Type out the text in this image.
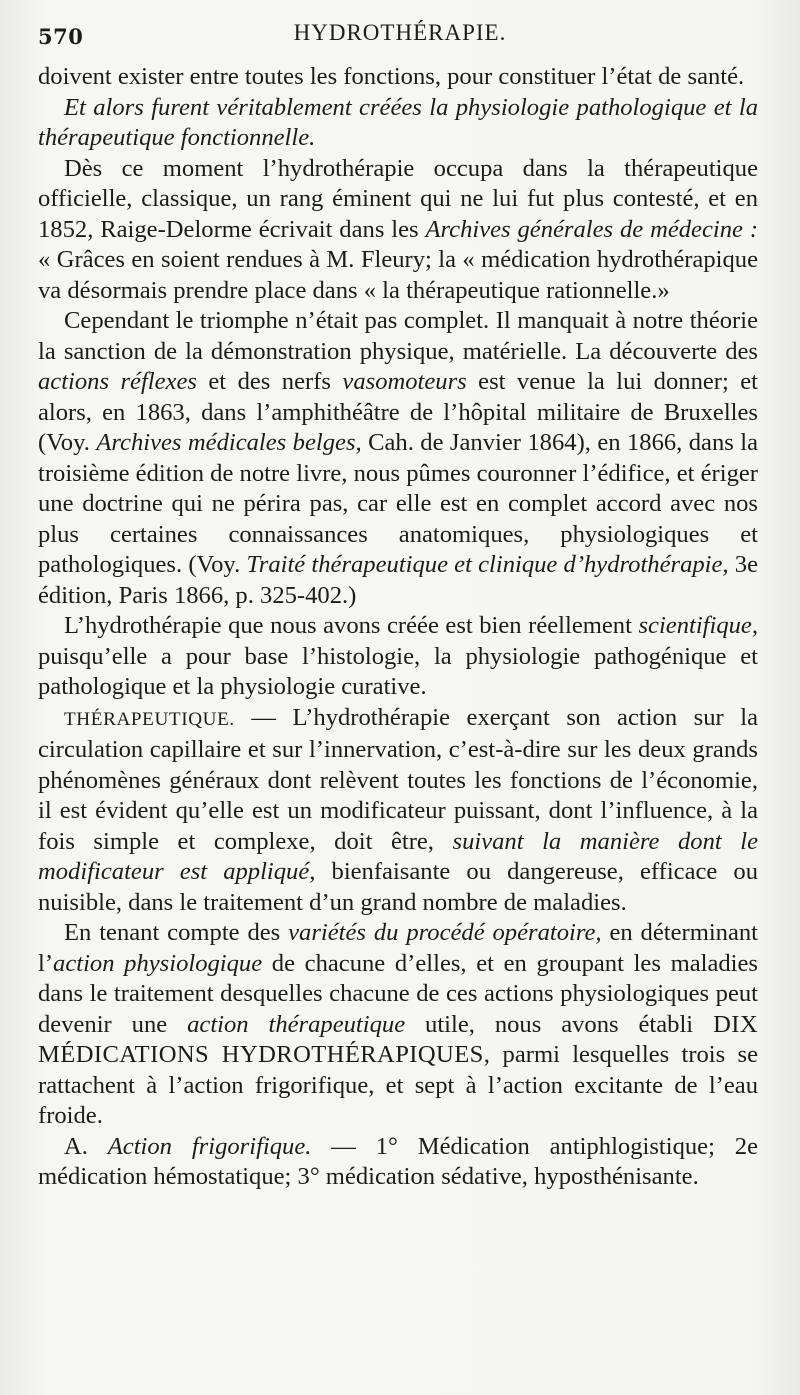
570	HYDROTHÉRAPIE.

doivent exister entre toutes les fonctions, pour constituer l’état de santé.

Et alors furent véritablement créées la physiologie pathologique et la thérapeutique fonctionnelle.

Dès ce moment l’hydrothérapie occupa dans la thérapeutique officielle, classique, un rang éminent qui ne lui fut plus contesté, et en 1852, Raige-Delorme écrivait dans les Archives générales de médecine : « Grâces en soient rendues à M. Fleury; la « médication hydrothérapique va désormais prendre place dans « la thérapeutique rationnelle.»

Cependant le triomphe n’était pas complet. Il manquait à notre théorie la sanction de la démonstration physique, matérielle. La découverte des actions réflexes et des nerfs vasomoteurs est venue la lui donner; et alors, en 1863, dans l’amphithéâtre de l’hôpital militaire de Bruxelles (Voy. Archives médicales belges, Cah. de Janvier 1864), en 1866, dans la troisième édition de notre livre, nous pûmes couronner l’édifice, et ériger une doctrine qui ne périra pas, car elle est en complet accord avec nos plus certaines connaissances anatomiques, physiologiques et pathologiques. (Voy. Traité thérapeutique et clinique d’hydrothérapie, 3e édition, Paris 1866, p. 325-402.)

L’hydrothérapie que nous avons créée est bien réellement scientifique, puisqu’elle a pour base l’histologie, la physiologie pathogénique et pathologique et la physiologie curative.

THÉRAPEUTIQUE. — L’hydrothérapie exerçant son action sur la circulation capillaire et sur l’innervation, c’est-à-dire sur les deux grands phénomènes généraux dont relèvent toutes les fonctions de l’économie, il est évident qu’elle est un modificateur puissant, dont l’influence, à la fois simple et complexe, doit être, suivant la manière dont le modificateur est appliqué, bienfaisante ou dangereuse, efficace ou nuisible, dans le traitement d’un grand nombre de maladies.

En tenant compte des variétés du procédé opératoire, en déterminant l’action physiologique de chacune d’elles, et en groupant les maladies dans le traitement desquelles chacune de ces actions physiologiques peut devenir une action thérapeutique utile, nous avons établi DIX MÉDICATIONS HYDROTHÉRAPIQUES, parmi lesquelles trois se rattachent à l’action frigorifique, et sept à l’action excitante de l’eau froide.

A. Action frigorifique. — 1° Médication antiphlogistique; 2e médication hémostatique; 3° médication sédative, hyposthénisante.
